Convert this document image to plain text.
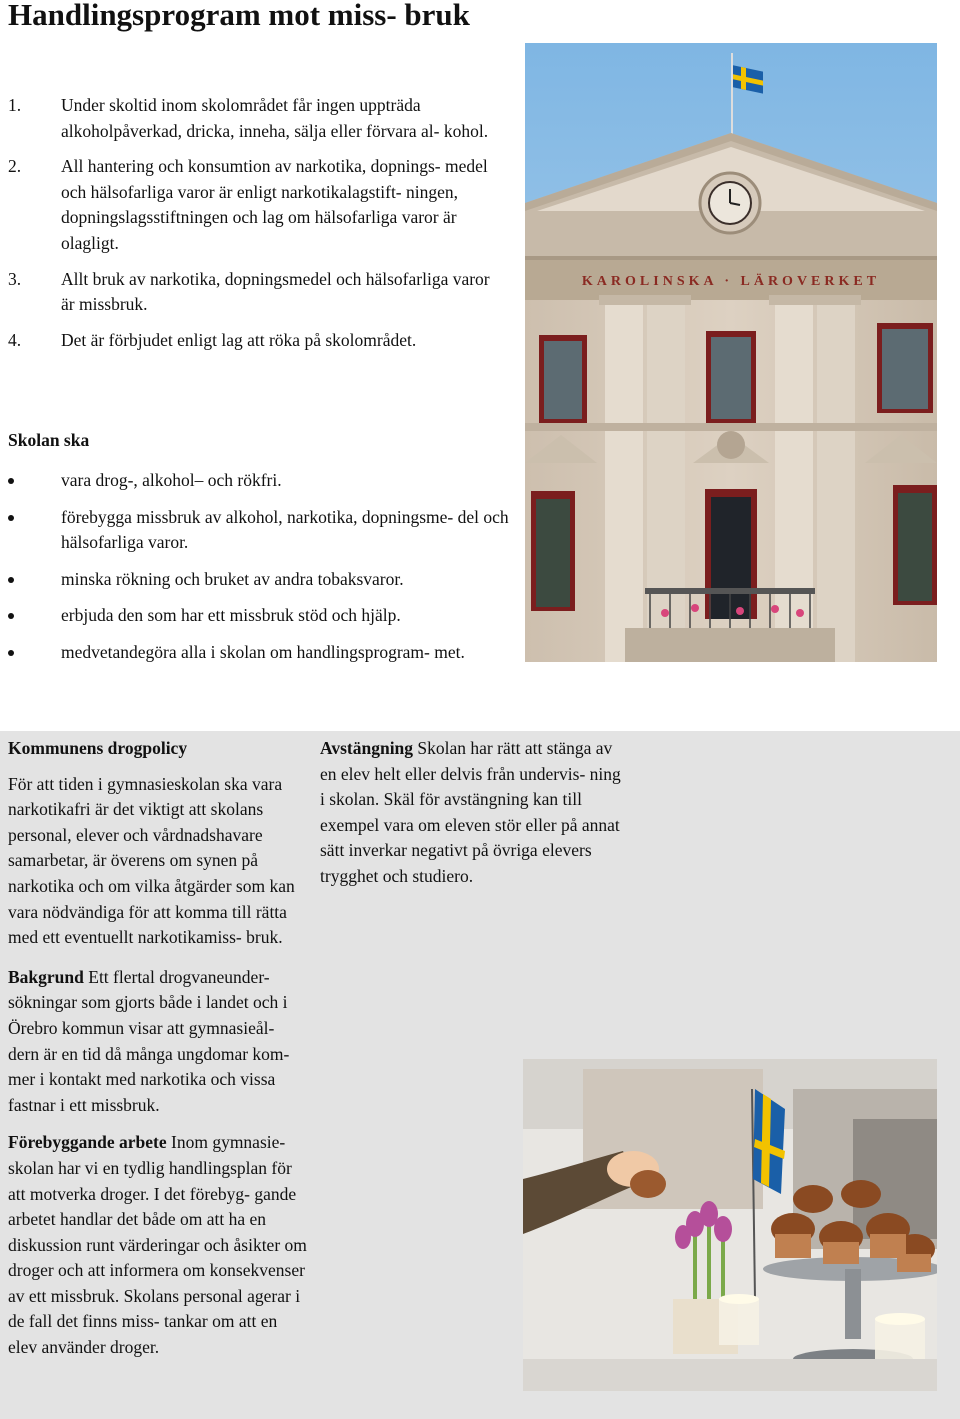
Handlingsprogram mot miss- bruk
1. Under skoltid inom skolområdet får ingen uppträda alkoholpåverkad, dricka, inneha, sälja eller förvara al- kohol.
2. All hantering och konsumtion av narkotika, dopnings- medel och hälsofarliga varor är enligt narkotikalagstift- ningen, dopningslagsstiftningen och lag om hälsofarliga varor är olagligt.
3. Allt bruk av narkotika, dopningsmedel och hälsofarliga varor är missbruk.
4. Det är förbjudet enligt lag att röka på skolområdet.
Skolan ska
vara drog-, alkohol– och rökfri.
förebygga missbruk av alkohol, narkotika, dopningsme- del och hälsofarliga varor.
minska rökning och bruket av andra tobaksvaror.
erbjuda den som har ett missbruk stöd och hjälp.
medvetandegöra alla i skolan om handlingsprogram- met.
KAROLINSKA · LÄROVERKET

Kommunens drogpolicy

För att tiden i gymnasieskolan ska vara narkotikafri är det viktigt att skolans personal, elever och vårdnadshavare samarbetar, är överens om synen på narkotika och om vilka åtgärder som kan vara nödvändiga för att komma till rätta med ett eventuellt narkotikamiss- bruk.

Bakgrund Ett flertal drogvaneunder- sökningar som gjorts både i landet och i Örebro kommun visar att gymnasieål- dern är en tid då många ungdomar kom- mer i kontakt med narkotika och vissa fastnar i ett missbruk.

Förebyggande arbete Inom gymnasie- skolan har vi en tydlig handlingsplan för att motverka droger. I det förebyg- gande arbetet handlar det både om att ha en diskussion runt värderingar och åsikter om droger och att informera om konsekvenser av ett missbruk. Skolans personal agerar i de fall det finns miss- tankar om att en elev använder droger.

Avstängning Skolan har rätt att stänga av en elev helt eller delvis från undervis- ning i skolan. Skäl för avstängning kan till exempel vara om eleven stör eller på annat sätt inverkar negativt på övriga elevers trygghet och studiero.
